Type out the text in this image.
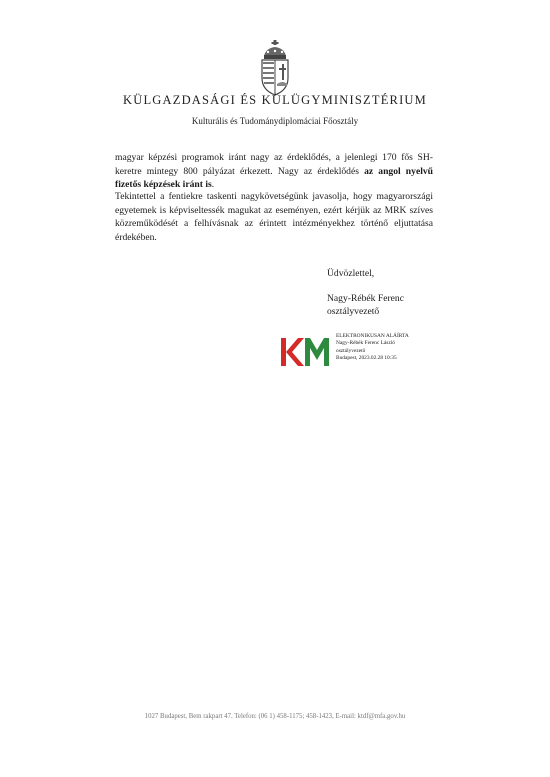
KÜLGAZDASÁGI ÉS KÜLÜGYMINISZTÉRIUM
Kulturális és Tudománydiplomáciai Főosztály

magyar képzési programok iránt nagy az érdeklődés, a jelenlegi 170 fős SH-keretre mintegy 800 pályázat érkezett. Nagy az érdeklődés az angol nyelvű fizetős képzések iránt is.

Tekintettel a fentiekre taskenti nagykövetségünk javasolja, hogy magyarországi egyetemek is képviseltessék magukat az eseményen, ezért kérjük az MRK szíves közreműködését a felhívásnak az érintett intézményekhez történő eljuttatása érdekében.

Üdvözlettel,
Nagy-Rébék Ferenc
osztályvezető
ELEKTRONIKUSAN ALÁÍRTA
Nagy-Rébék Ferenc László
osztályvezető
Budapest, 2023.02.28 10:35
1027 Budapest, Bem rakpart 47. Telefon: (06 1) 458-1175; 458-1423, E-mail: ktdf@mfa.gov.hu
